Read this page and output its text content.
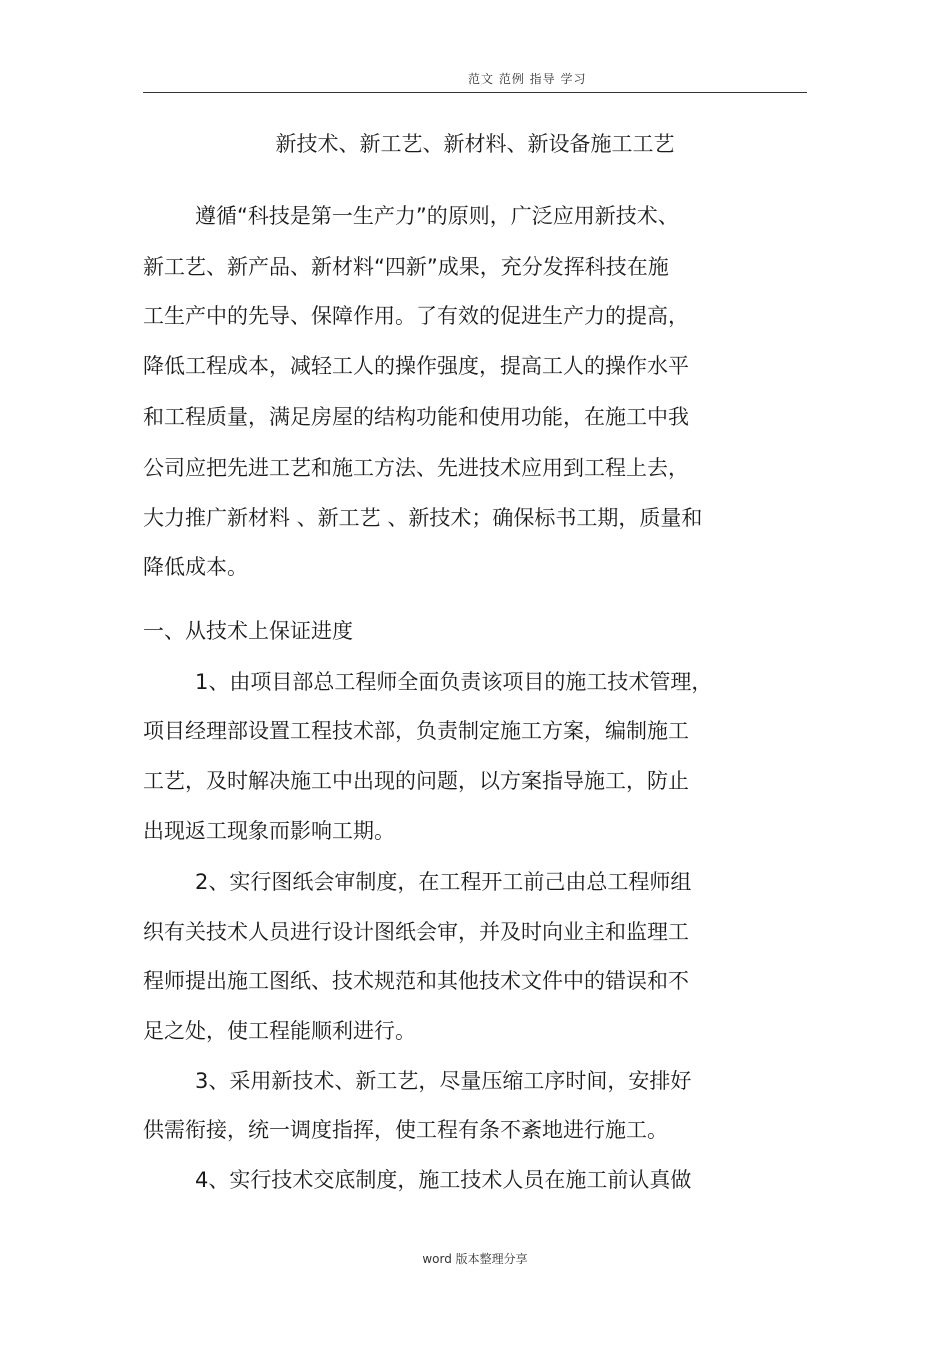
范文 范例 指导 学习
新技术、新工艺、新材料、新设备施工工艺
遵循“科技是第一生产力”的原则，广泛应用新技术、
新工艺、新产品、新材料“四新”成果，充分发挥科技在施
工生产中的先导、保障作用。了有效的促进生产力的提高，
降低工程成本，减轻工人的操作强度，提高工人的操作水平
和工程质量，满足房屋的结构功能和使用功能，在施工中我
公司应把先进工艺和施工方法、先进技术应用到工程上去，
大力推广新材料 、新工艺 、新技术；确保标书工期，质量和
降低成本。
一、从技术上保证进度
1、由项目部总工程师全面负责该项目的施工技术管理，
项目经理部设置工程技术部，负责制定施工方案，编制施工
工艺，及时解决施工中出现的问题，以方案指导施工，防止
出现返工现象而影响工期。
2、实行图纸会审制度，在工程开工前己由总工程师组
织有关技术人员进行设计图纸会审，并及时向业主和监理工
程师提出施工图纸、技术规范和其他技术文件中的错误和不
足之处，使工程能顺利进行。
3、采用新技术、新工艺，尽量压缩工序时间，安排好
供需衔接，统一调度指挥，使工程有条不紊地进行施工。
4、实行技术交底制度，施工技术人员在施工前认真做
word 版本整理分享
